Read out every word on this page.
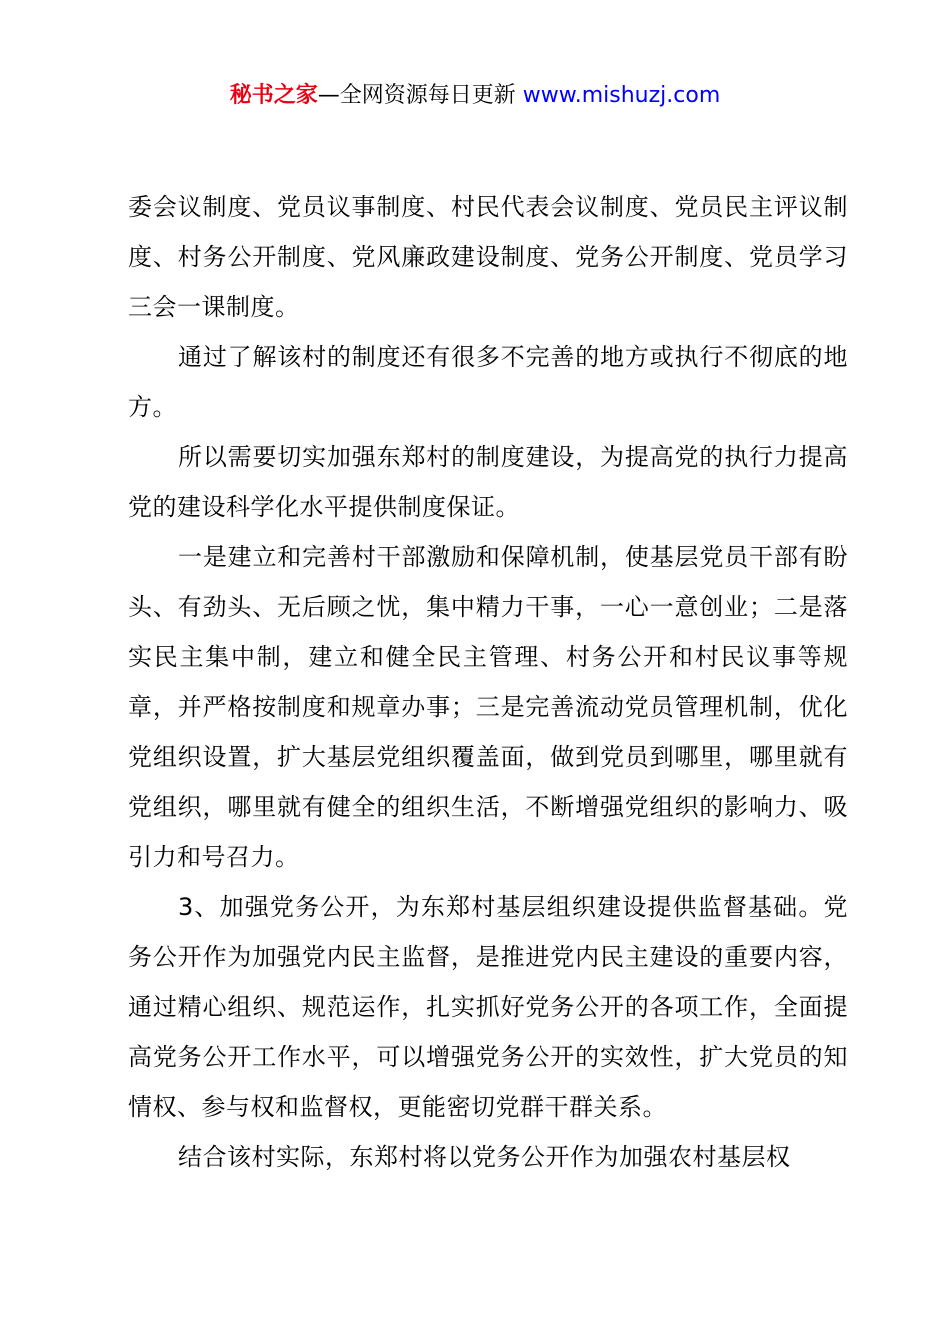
秘书之家—全网资源每日更新 www.mishuzj.com

委会议制度、党员议事制度、村民代表会议制度、党员民主评议制度、村务公开制度、党风廉政建设制度、党务公开制度、党员学习三会一课制度。

通过了解该村的制度还有很多不完善的地方或执行不彻底的地方。

所以需要切实加强东郑村的制度建设，为提高党的执行力提高党的建设科学化水平提供制度保证。

一是建立和完善村干部激励和保障机制，使基层党员干部有盼头、有劲头、无后顾之忧，集中精力干事，一心一意创业；二是落实民主集中制，建立和健全民主管理、村务公开和村民议事等规章，并严格按制度和规章办事；三是完善流动党员管理机制，优化党组织设置，扩大基层党组织覆盖面，做到党员到哪里，哪里就有党组织，哪里就有健全的组织生活，不断增强党组织的影响力、吸引力和号召力。

3、加强党务公开，为东郑村基层组织建设提供监督基础。党务公开作为加强党内民主监督，是推进党内民主建设的重要内容，通过精心组织、规范运作，扎实抓好党务公开的各项工作，全面提高党务公开工作水平，可以增强党务公开的实效性，扩大党员的知情权、参与权和监督权，更能密切党群干群关系。

结合该村实际，东郑村将以党务公开作为加强农村基层权
